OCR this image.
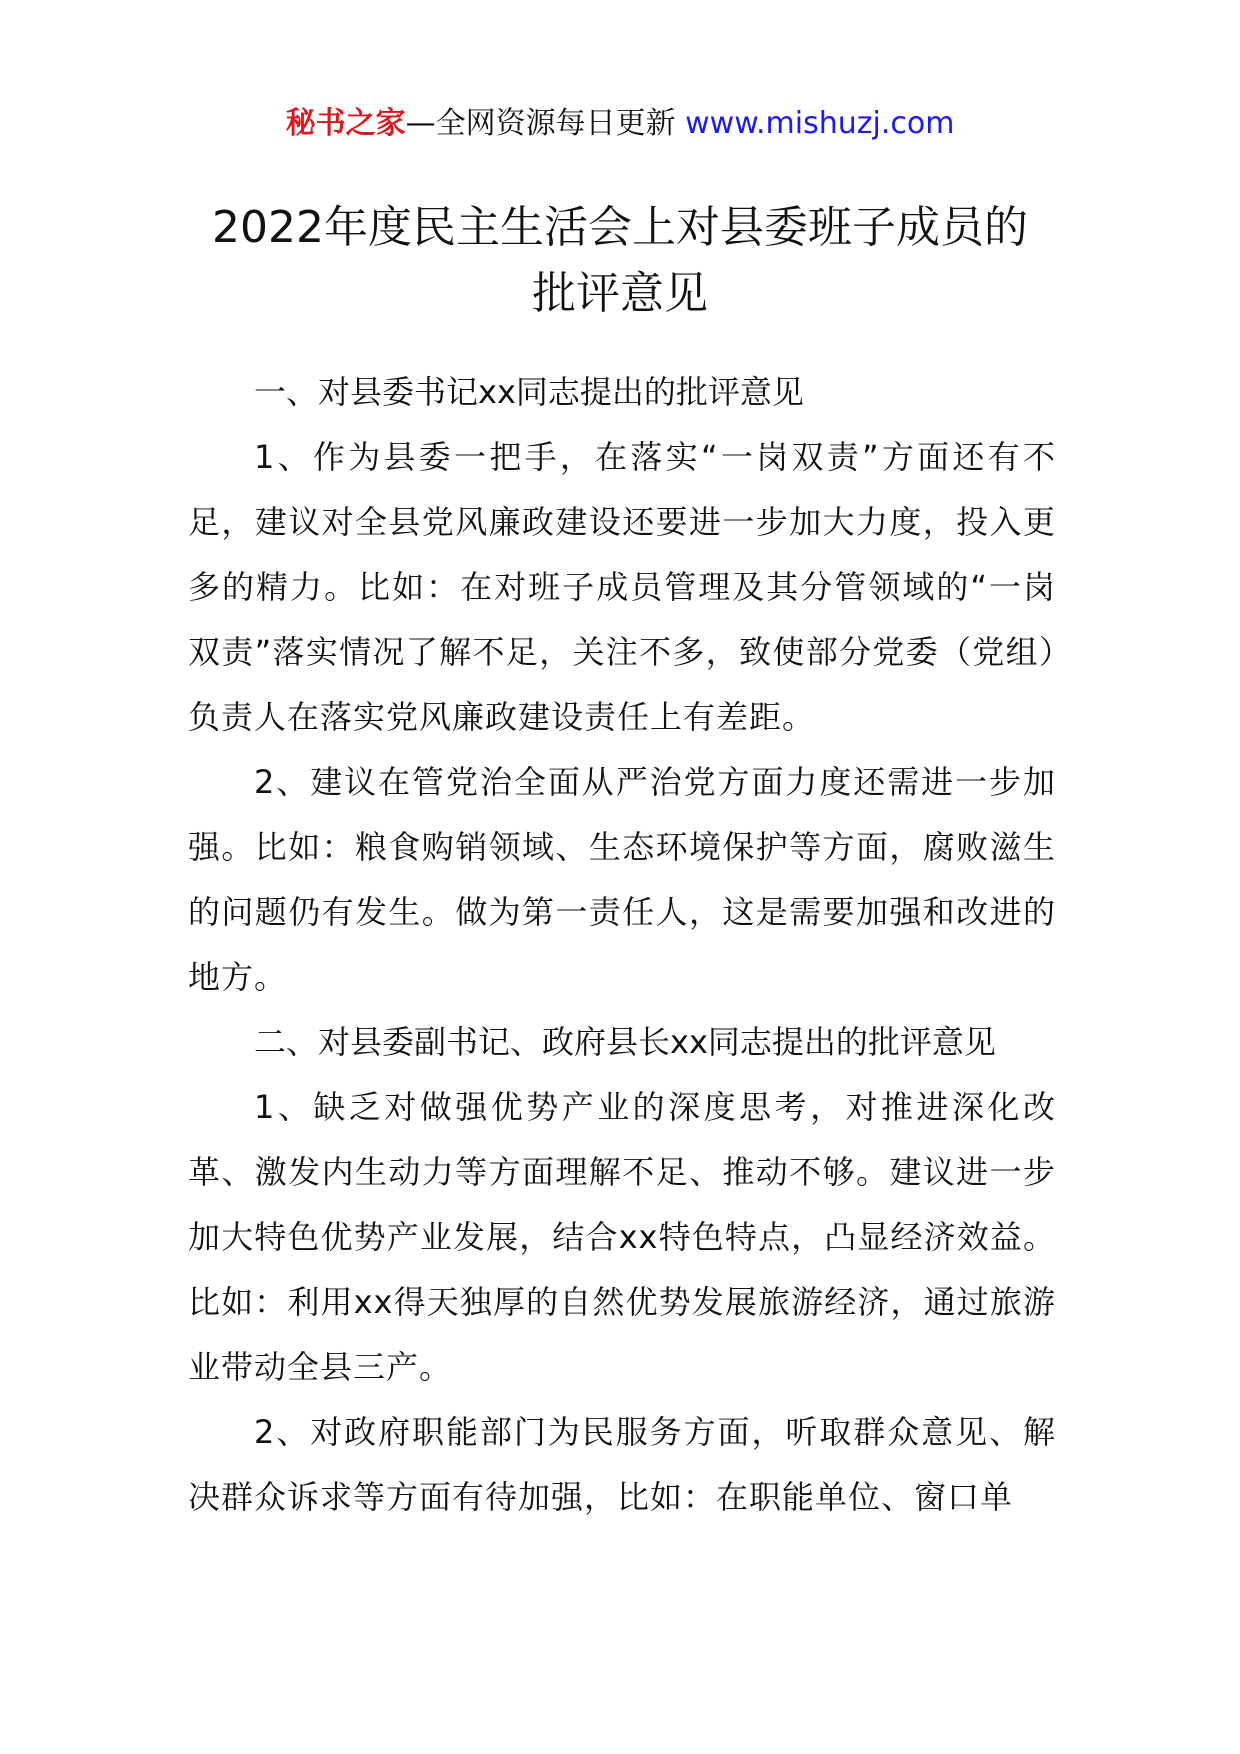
秘书之家—全网资源每日更新 www.mishuzj.com
2022年度民主生活会上对县委班子成员的
批评意见

一、对县委书记xx同志提出的批评意见

1、作为县委一把手，在落实“一岗双责”方面还有不足，建议对全县党风廉政建设还要进一步加大力度，投入更多的精力。比如：在对班子成员管理及其分管领域的“一岗双责”落实情况了解不足，关注不多，致使部分党委（党组）负责人在落实党风廉政建设责任上有差距。

2、建议在管党治全面从严治党方面力度还需进一步加强。比如：粮食购销领域、生态环境保护等方面，腐败滋生的问题仍有发生。做为第一责任人，这是需要加强和改进的地方。

二、对县委副书记、政府县长xx同志提出的批评意见

1、缺乏对做强优势产业的深度思考，对推进深化改革、激发内生动力等方面理解不足、推动不够。建议进一步加大特色优势产业发展，结合xx特色特点，凸显经济效益。比如：利用xx得天独厚的自然优势发展旅游经济，通过旅游业带动全县三产。

2、对政府职能部门为民服务方面，听取群众意见、解决群众诉求等方面有待加强，比如：在职能单位、窗口单
